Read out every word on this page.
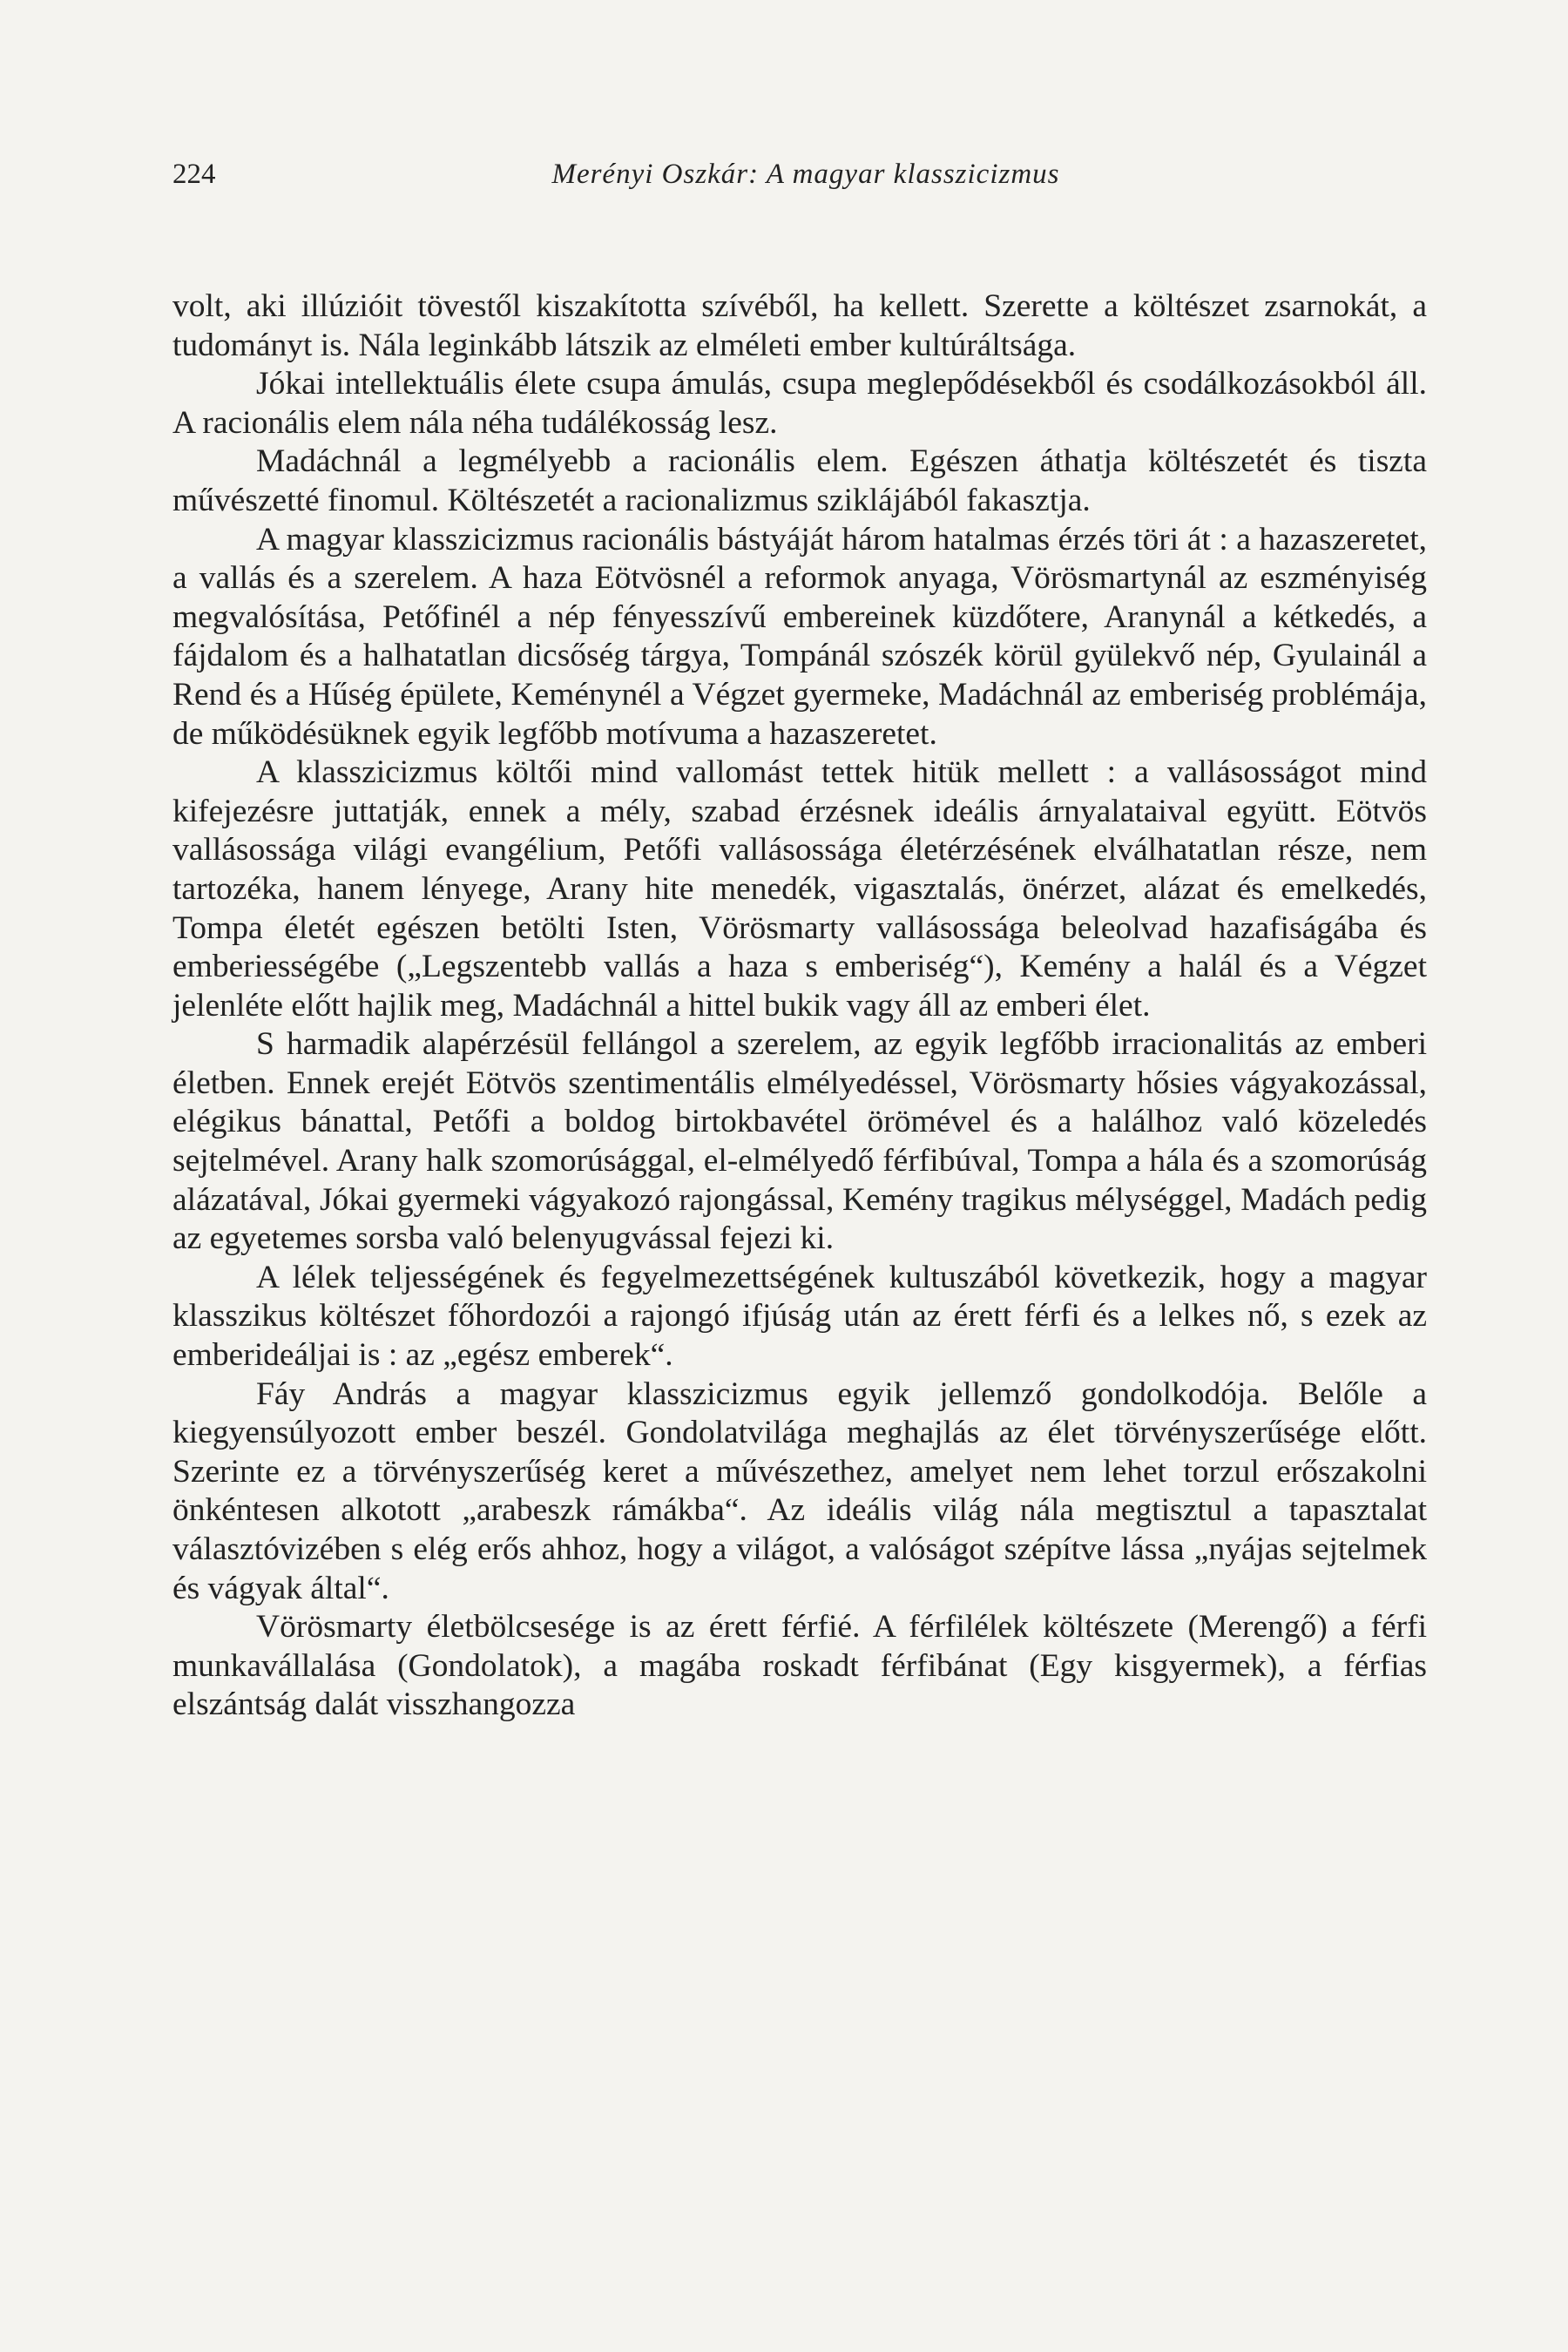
224	Merényi Oszkár: A magyar klasszicizmus

volt, aki illúzióit tövestől kiszakította szívéből, ha kellett. Szerette a költészet zsarnokát, a tudományt is. Nála leginkább látszik az elméleti ember kultúráltsága.

Jókai intellektuális élete csupa ámulás, csupa meglepődésekből és csodálkozásokból áll. A racionális elem nála néha tudálékosság lesz.

Madáchnál a legmélyebb a racionális elem. Egészen áthatja költészetét és tiszta művészetté finomul. Költészetét a racionalizmus sziklájából fakasztja.

A magyar klasszicizmus racionális bástyáját három hatalmas érzés töri át : a hazaszeretet, a vallás és a szerelem. A haza Eötvösnél a reformok anyaga, Vörösmartynál az eszményiség megvalósítása, Petőfinél a nép fényesszívű embereinek küzdőtere, Aranynál a kétkedés, a fájdalom és a halhatatlan dicsőség tárgya, Tompánál szószék körül gyülekvő nép, Gyulainál a Rend és a Hűség épülete, Keménynél a Végzet gyermeke, Madáchnál az emberiség problémája, de működésüknek egyik legfőbb motívuma a hazaszeretet.

A klasszicizmus költői mind vallomást tettek hitük mellett : a vallásosságot mind kifejezésre juttatják, ennek a mély, szabad érzésnek ideális árnyalataival együtt. Eötvös vallásossága világi evangélium, Petőfi vallásossága életérzésének elválhatatlan része, nem tartozéka, hanem lényege, Arany hite menedék, vigasztalás, önérzet, alázat és emelkedés, Tompa életét egészen betölti Isten, Vörösmarty vallásossága beleolvad hazafiságába és emberiességébe („Legszentebb vallás a haza s emberiség“), Kemény a halál és a Végzet jelenléte előtt hajlik meg, Madáchnál a hittel bukik vagy áll az emberi élet.

S harmadik alapérzésül fellángol a szerelem, az egyik legfőbb irracionalitás az emberi életben. Ennek erejét Eötvös szentimentális elmélyedéssel, Vörösmarty hősies vágyakozással, elégikus bánattal, Petőfi a boldog birtokbavétel örömével és a halálhoz való közeledés sejtelmével. Arany halk szomorúsággal, el-elmélyedő férfibúval, Tompa a hála és a szomorúság alázatával, Jókai gyermeki vágyakozó rajongással, Kemény tragikus mélységgel, Madách pedig az egyetemes sorsba való belenyugvással fejezi ki.

A lélek teljességének és fegyelmezettségének kultuszából következik, hogy a magyar klasszikus költészet főhordozói a rajongó ifjúság után az érett férfi és a lelkes nő, s ezek az emberideáljai is : az „egész emberek“.

Fáy András a magyar klasszicizmus egyik jellemző gondolkodója. Belőle a kiegyensúlyozott ember beszél. Gondolatvilága meghajlás az élet törvényszerűsége előtt. Szerinte ez a törvényszerűség keret a művészethez, amelyet nem lehet torzul erőszakolni önkéntesen alkotott „arabeszk rámákba“. Az ideális világ nála megtisztul a tapasztalat választóvizében s elég erős ahhoz, hogy a világot, a valóságot szépítve lássa „nyájas sejtelmek és vágyak által“.

Vörösmarty életbölcsesége is az érett férfié. A férfilélek költészete (Merengő) a férfi munkavállalása (Gondolatok), a magába roskadt férfibánat (Egy kisgyermek), a férfias elszántság dalát visszhangozza
